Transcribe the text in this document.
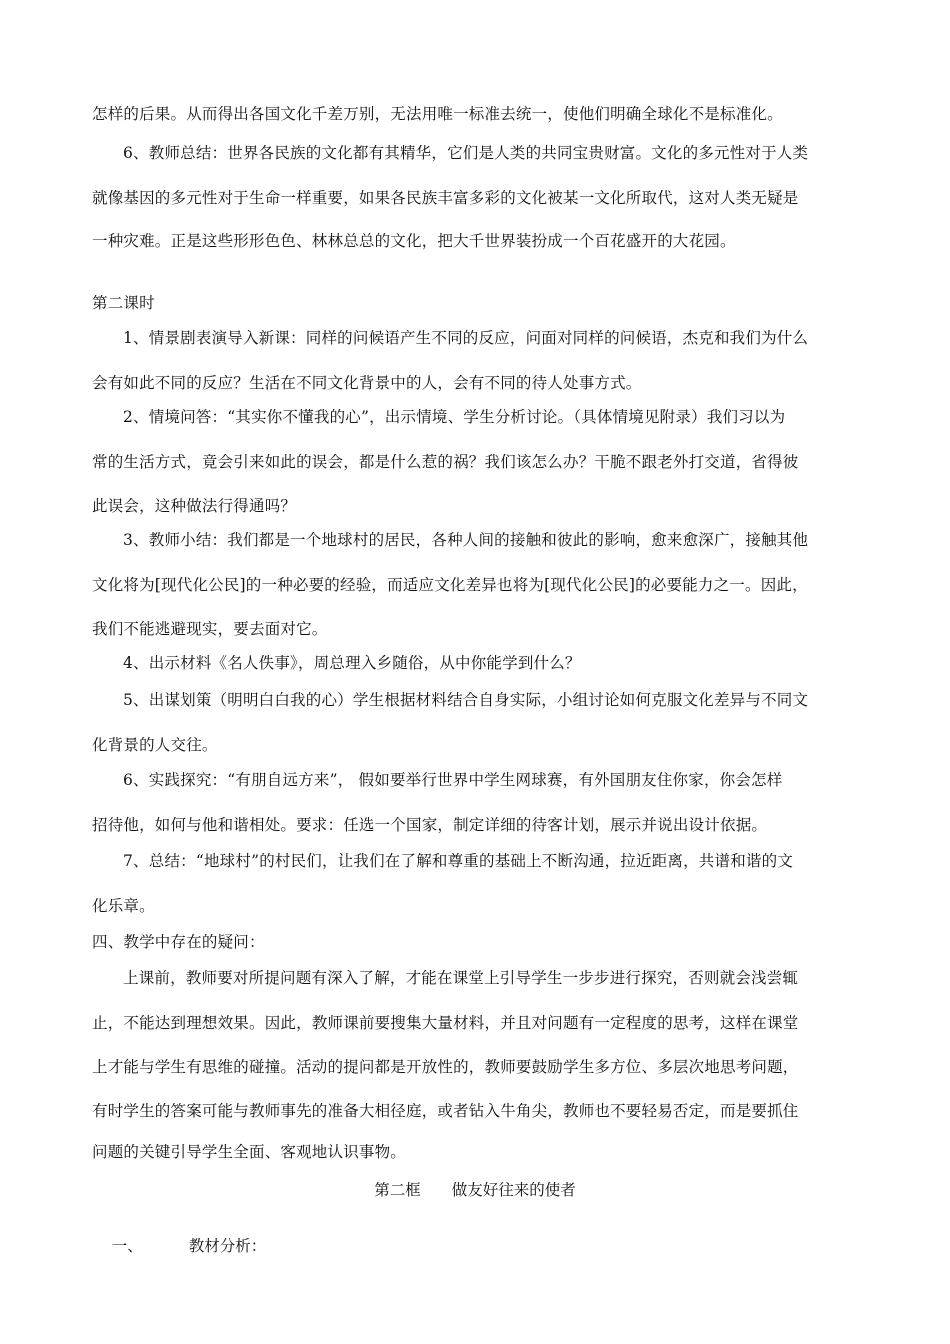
怎样的后果。从而得出各国文化千差万别，无法用唯一标准去统一，使他们明确全球化不是标准化。
6、教师总结：世界各民族的文化都有其精华，它们是人类的共同宝贵财富。文化的多元性对于人类
就像基因的多元性对于生命一样重要，如果各民族丰富多彩的文化被某一文化所取代，这对人类无疑是
一种灾难。正是这些形形色色、林林总总的文化，把大千世界装扮成一个百花盛开的大花园。
第二课时
1、情景剧表演导入新课：同样的问候语产生不同的反应，问面对同样的问候语，杰克和我们为什么
会有如此不同的反应？生活在不同文化背景中的人，会有不同的待人处事方式。
2、情境问答：“其实你不懂我的心”，出示情境、学生分析讨论。（具体情境见附录）我们习以为
常的生活方式，竟会引来如此的误会，都是什么惹的祸？我们该怎么办？干脆不跟老外打交道，省得彼
此误会，这种做法行得通吗？
3、教师小结：我们都是一个地球村的居民，各种人间的接触和彼此的影响，愈来愈深广，接触其他
文化将为[现代化公民]的一种必要的经验，而适应文化差异也将为[现代化公民]的必要能力之一。因此，
我们不能逃避现实，要去面对它。
4、出示材料《名人佚事》，周总理入乡随俗，从中你能学到什么？
5、出谋划策（明明白白我的心）学生根据材料结合自身实际，小组讨论如何克服文化差异与不同文
化背景的人交往。
6、实践探究：“有朋自远方来”， 假如要举行世界中学生网球赛，有外国朋友住你家，你会怎样
招待他，如何与他和谐相处。要求：任选一个国家，制定详细的待客计划，展示并说出设计依据。
7、总结：“地球村”的村民们，让我们在了解和尊重的基础上不断沟通，拉近距离，共谱和谐的文
化乐章。
四、教学中存在的疑问：
上课前，教师要对所提问题有深入了解，才能在课堂上引导学生一步步进行探究，否则就会浅尝辄
止，不能达到理想效果。因此，教师课前要搜集大量材料，并且对问题有一定程度的思考，这样在课堂
上才能与学生有思维的碰撞。活动的提问都是开放性的，教师要鼓励学生多方位、多层次地思考问题，
有时学生的答案可能与教师事先的准备大相径庭，或者钻入牛角尖，教师也不要轻易否定，而是要抓住
问题的关键引导学生全面、客观地认识事物。
第二框　　做友好往来的使者

一、	教材分析：
